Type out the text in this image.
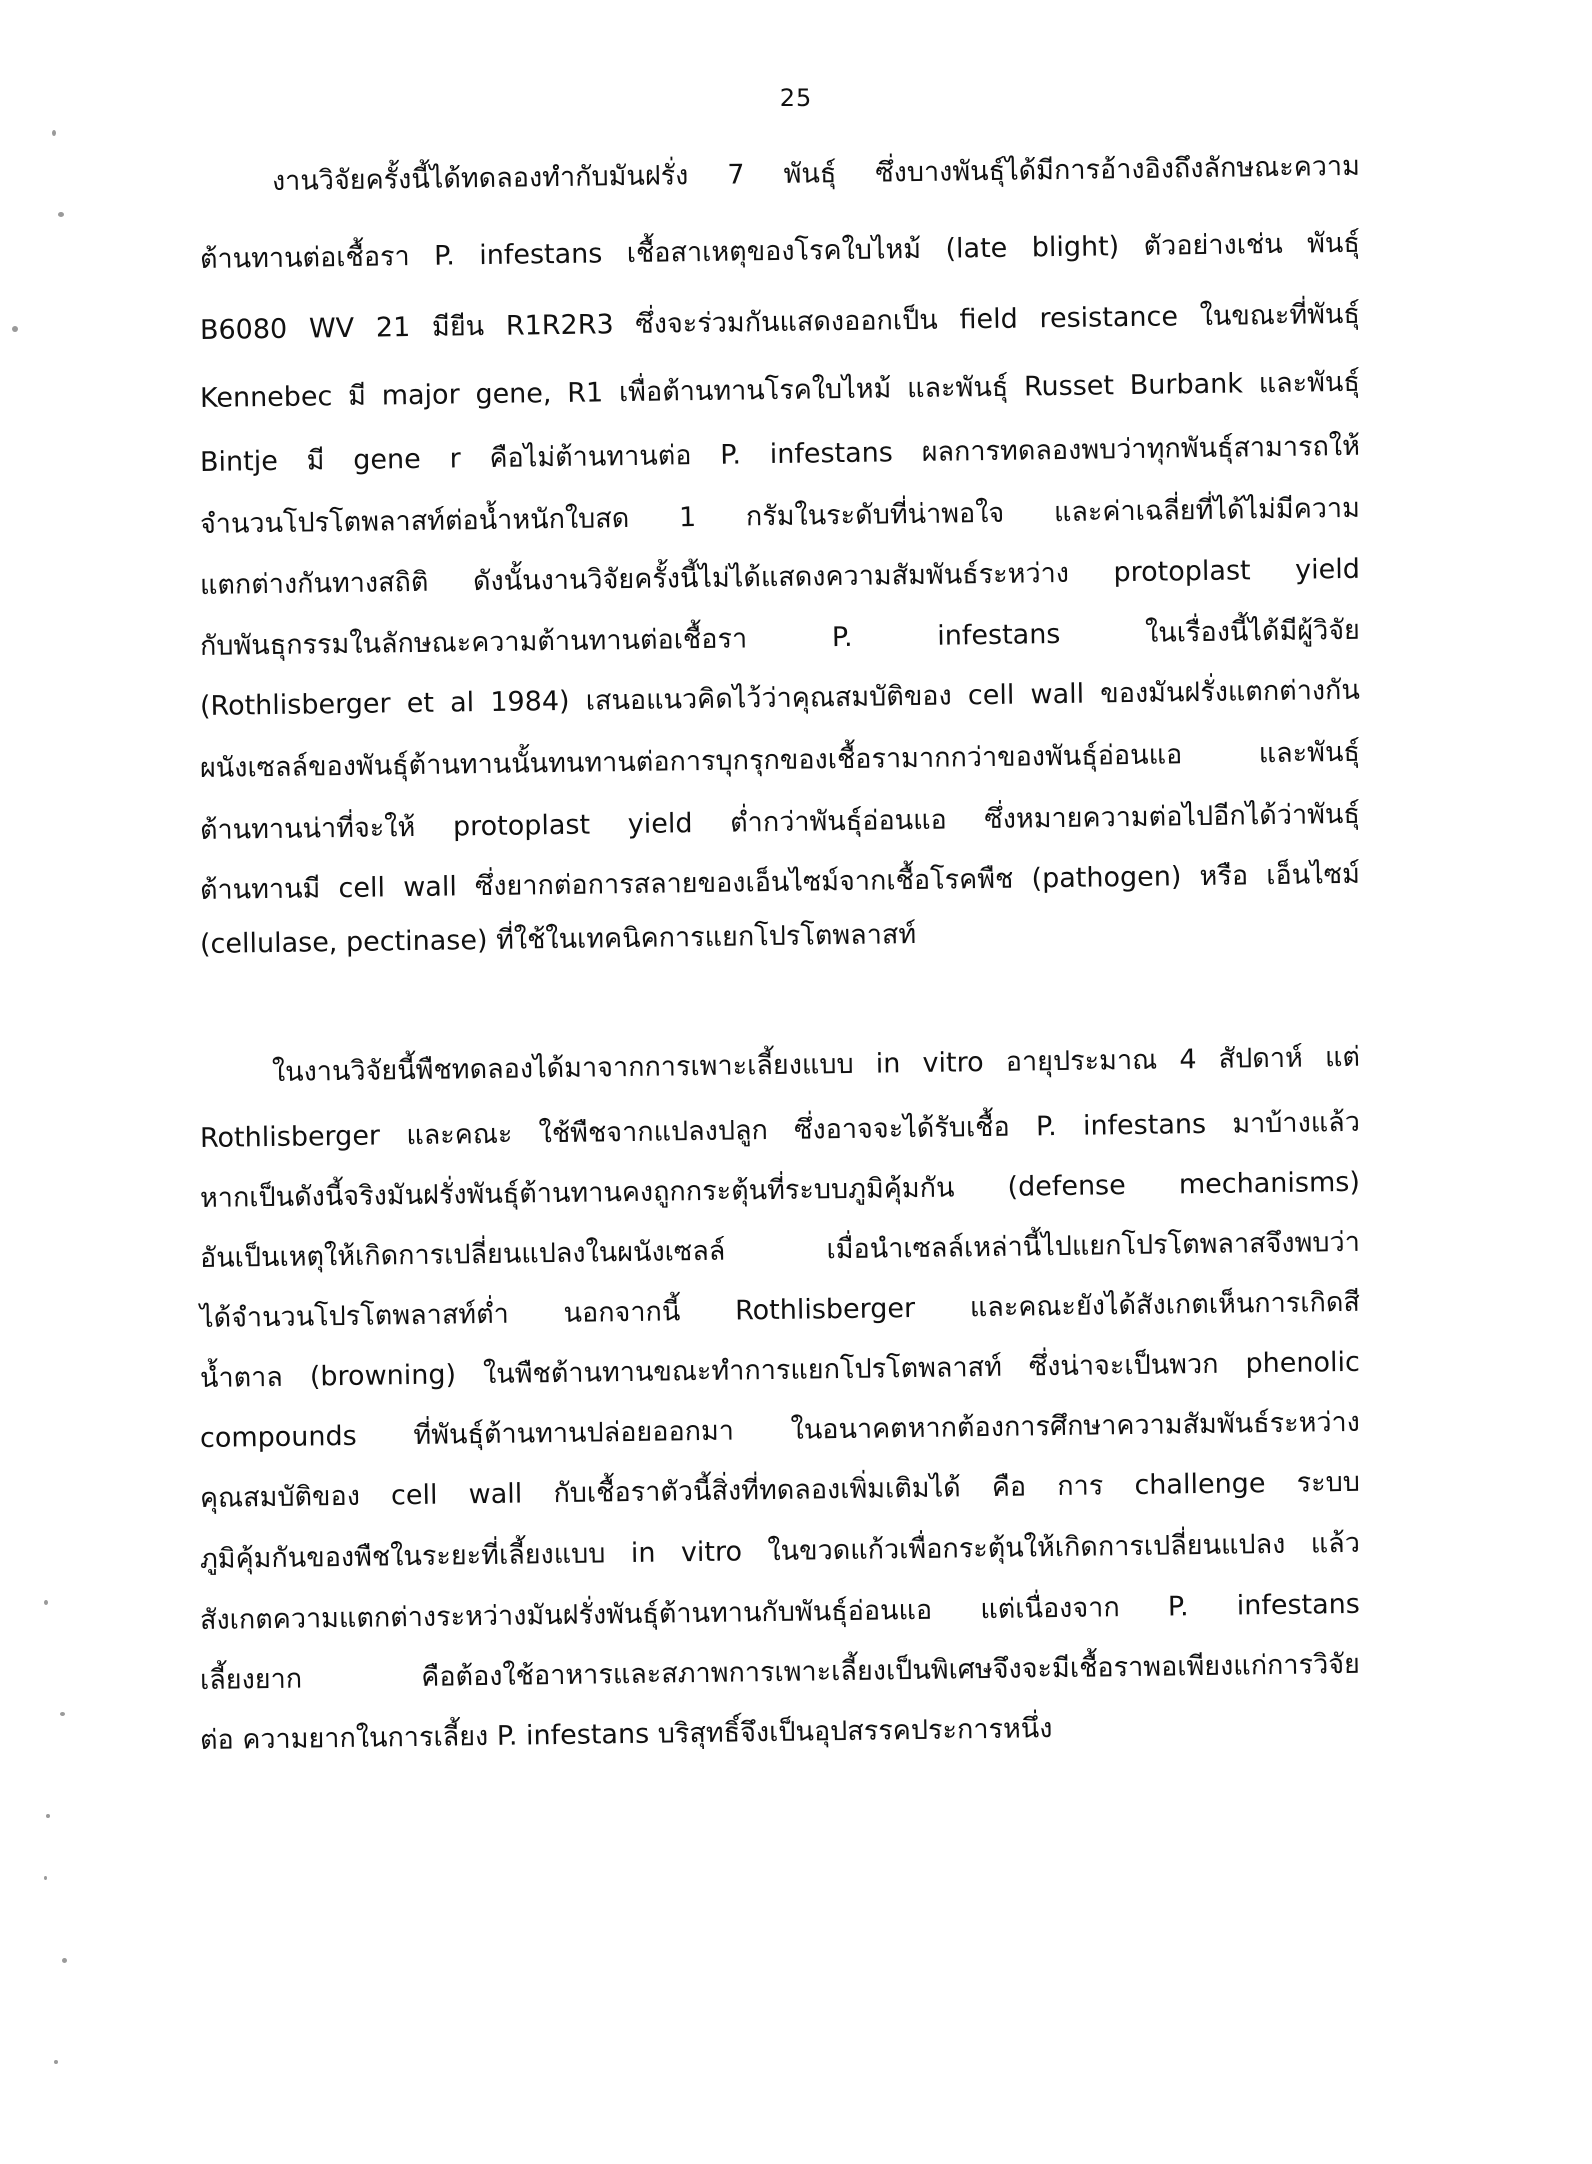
25
งานวิจัยครั้งนี้ได้ทดลองทำกับมันฝรั่ง 7 พันธุ์ ซึ่งบางพันธุ์ได้มีการอ้างอิงถึงลักษณะความ
ต้านทานต่อเชื้อรา P. infestans เชื้อสาเหตุของโรคใบไหม้ (late blight) ตัวอย่างเช่น พันธุ์
B6080 WV 21 มียีน R1R2R3 ซึ่งจะร่วมกันแสดงออกเป็น field resistance ในขณะที่พันธุ์
Kennebec มี major gene, R1 เพื่อต้านทานโรคใบไหม้ และพันธุ์ Russet Burbank และพันธุ์
Bintje มี gene r คือไม่ต้านทานต่อ P. infestans ผลการทดลองพบว่าทุกพันธุ์สามารถให้
จำนวนโปรโตพลาสท์ต่อน้ำหนักใบสด 1 กรัมในระดับที่น่าพอใจ และค่าเฉลี่ยที่ได้ไม่มีความ
แตกต่างกันทางสถิติ ดังนั้นงานวิจัยครั้งนี้ไม่ได้แสดงความสัมพันธ์ระหว่าง protoplast yield
กับพันธุกรรมในลักษณะความต้านทานต่อเชื้อรา P. infestans ในเรื่องนี้ได้มีผู้วิจัย
(Rothlisberger et al 1984) เสนอแนวคิดไว้ว่าคุณสมบัติของ cell wall ของมันฝรั่งแตกต่างกัน
ผนังเซลล์ของพันธุ์ต้านทานนั้นทนทานต่อการบุกรุกของเชื้อรามากกว่าของพันธุ์อ่อนแอ และพันธุ์
ต้านทานน่าที่จะให้ protoplast yield ต่ำกว่าพันธุ์อ่อนแอ ซึ่งหมายความต่อไปอีกได้ว่าพันธุ์
ต้านทานมี cell wall ซึ่งยากต่อการสลายของเอ็นไซม์จากเชื้อโรคพืช (pathogen) หรือ เอ็นไซม์
(cellulase, pectinase) ที่ใช้ในเทคนิคการแยกโปรโตพลาสท์
ในงานวิจัยนี้พืชทดลองได้มาจากการเพาะเลี้ยงแบบ in vitro อายุประมาณ 4 สัปดาห์ แต่
Rothlisberger และคณะ ใช้พืชจากแปลงปลูก ซึ่งอาจจะได้รับเชื้อ P. infestans มาบ้างแล้ว
หากเป็นดังนี้จริงมันฝรั่งพันธุ์ต้านทานคงถูกกระตุ้นที่ระบบภูมิคุ้มกัน (defense mechanisms)
อันเป็นเหตุให้เกิดการเปลี่ยนแปลงในผนังเซลล์ เมื่อนำเซลล์เหล่านี้ไปแยกโปรโตพลาสจึงพบว่า
ได้จำนวนโปรโตพลาสท์ต่ำ นอกจากนี้ Rothlisberger และคณะยังได้สังเกตเห็นการเกิดสี
น้ำตาล (browning) ในพืชต้านทานขณะทำการแยกโปรโตพลาสท์ ซึ่งน่าจะเป็นพวก phenolic
compounds ที่พันธุ์ต้านทานปล่อยออกมา ในอนาคตหากต้องการศึกษาความสัมพันธ์ระหว่าง
คุณสมบัติของ cell wall กับเชื้อราตัวนี้สิ่งที่ทดลองเพิ่มเติมได้ คือ การ challenge ระบบ
ภูมิคุ้มกันของพืชในระยะที่เลี้ยงแบบ in vitro ในขวดแก้วเพื่อกระตุ้นให้เกิดการเปลี่ยนแปลง แล้ว
สังเกตความแตกต่างระหว่างมันฝรั่งพันธุ์ต้านทานกับพันธุ์อ่อนแอ แต่เนื่องจาก P. infestans
เลี้ยงยาก คือต้องใช้อาหารและสภาพการเพาะเลี้ยงเป็นพิเศษจึงจะมีเชื้อราพอเพียงแก่การวิจัย
ต่อ ความยากในการเลี้ยง P. infestans บริสุทธิ์จึงเป็นอุปสรรคประการหนึ่ง
